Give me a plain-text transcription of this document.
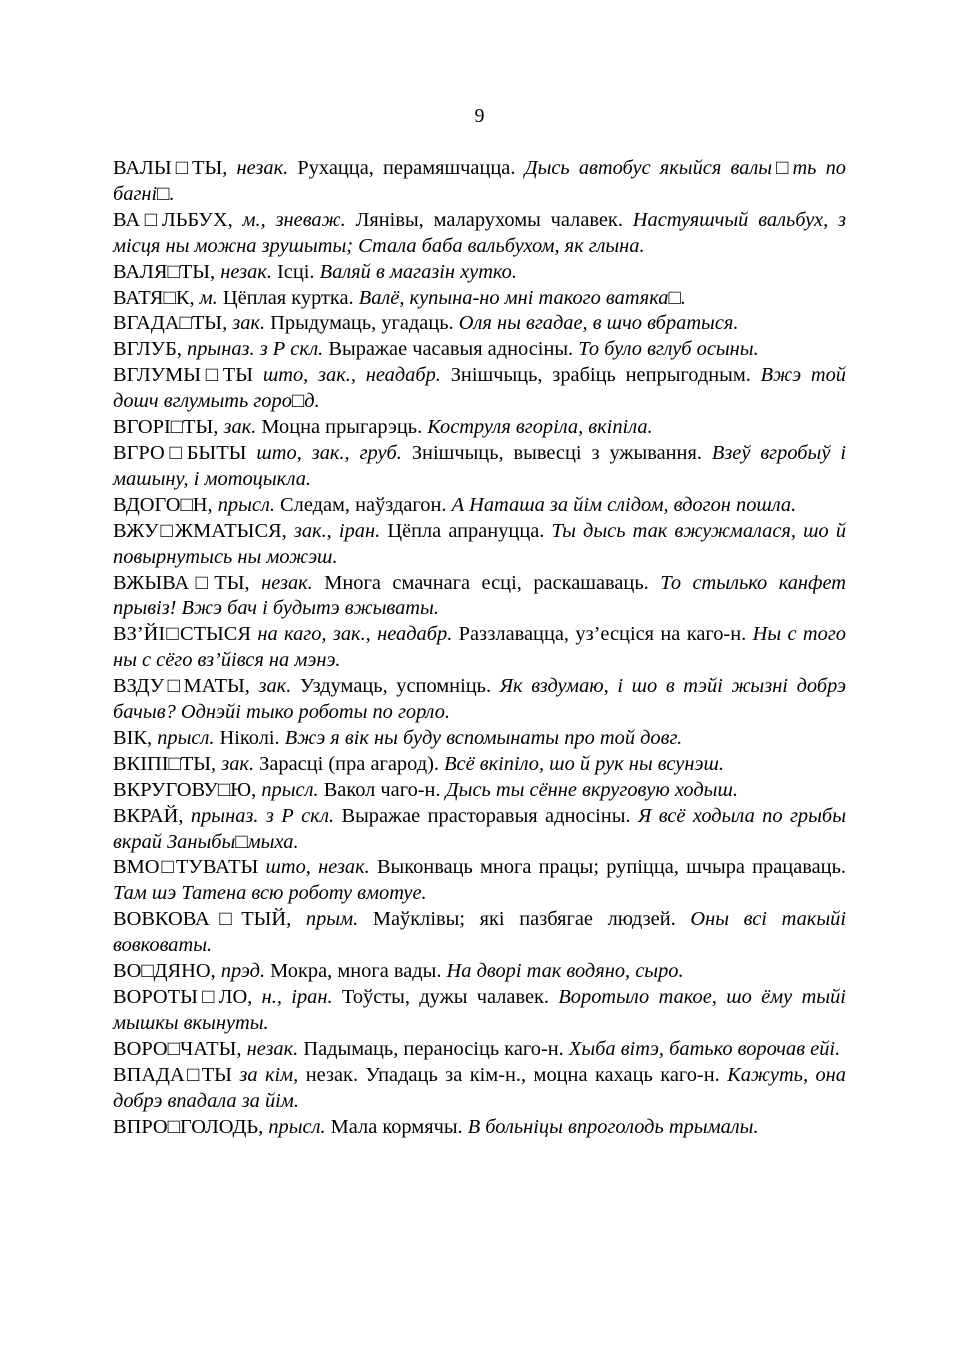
9

ВАЛЫ□ТЫ, незак. Рухацца, перамяшчацца. Дысь автобус якыйся валы□ть по багні□.

ВА□ЛЬБУХ, м., зневаж. Лянівы, маларухомы чалавек. Настуяшчый вальбух, з місця ны можна зрушыты; Стала баба вальбухом, як глына.

ВАЛЯ□ТЫ, незак. Ісці. Валяй в магазін хутко.

ВАТЯ□К, м. Цёплая куртка. Валё, купына-но мні такого ватяка□.

ВГАДА□ТЫ, зак. Прыдумаць, угадаць. Оля ны вгадае, в шчо вбратыся.

ВГЛУБ, прыназ. з Р скл. Выражае часавыя адносіны. То було вглуб осыны.

ВГЛУМЫ□ТЫ што, зак., неадабр. Знішчыць, зрабіць непрыгодным. Вжэ той дошч вглумыть горо□д.

ВГОРІ□ТЫ, зак. Моцна прыгарэць. Коструля вгоріла, вкіпіла.

ВГРО□БЫТЫ што, зак., груб. Знішчыць, вывесці з ужывання. Взеў вгробыў і машыну, і мотоцыкла.

ВДОГО□Н, прысл. Следам, наўздагон. А Наташа за йім слідом, вдогон пошла.

ВЖУ□ЖМАТЫСЯ, зак., іран. Цёпла апрануцца. Ты дысь так вжужмалася, шо й повырнутысь ны можэш.

ВЖЫВА□ТЫ, незак. Многа смачнага есці, раскашаваць. То стылько канфет прывіз! Вжэ бач і будытэ вжываты.

ВЗ’ЙІ□СТЫСЯ на каго, зак., неадабр. Раззлавацца, уз’есціся на каго-н. Ны с того ны с сёго вз’йівся на мэнэ.

ВЗДУ□МАТЫ, зак. Уздумаць, успомніць. Як вздумаю, і шо в тэйі жызні добрэ бачыв? Однэйі тыко роботы по горло.

ВІК, прысл. Ніколі. Вжэ я вік ны буду вспомынаты про той довг.

ВКІПІ□ТЫ, зак. Зарасці (пра агарод). Всё вкіпіло, шо й рук ны всунэш.

ВКРУГОВУ□Ю, прысл. Вакол чаго-н. Дысь ты сённе вкруговую ходыш.

ВКРАЙ, прыназ. з Р скл. Выражае прасторавыя адносіны. Я всё ходыла по грыбы вкрай Заныбы□мыха.

ВМО□ТУВАТЫ што, незак. Выконваць многа працы; рупіцца, шчыра працаваць. Там шэ Татена всю роботу вмотуе.

ВОВКОВА□ТЫЙ, прым. Маўклівы; які пазбягае людзей. Оны всі такыйі вовковаты.

ВО□ДЯНО, прэд. Мокра, многа вады. На дворі так водяно, сыро.

ВОРОТЫ□ЛО, н., іран. Тоўсты, дужы чалавек. Воротыло такое, шо ёму тыйі мышкы вкынуты.

ВОРО□ЧАТЫ, незак. Падымаць, пераносіць каго-н. Хыба вітэ, батько ворочав ейі.

ВПАДА□ТЫ за кім, незак. Упадаць за кім-н., моцна кахаць каго-н. Кажуть, она добрэ впадала за йім.

ВПРО□ГОЛОДЬ, прысл. Мала кормячы. В больніцы впроголодь трымалы.
